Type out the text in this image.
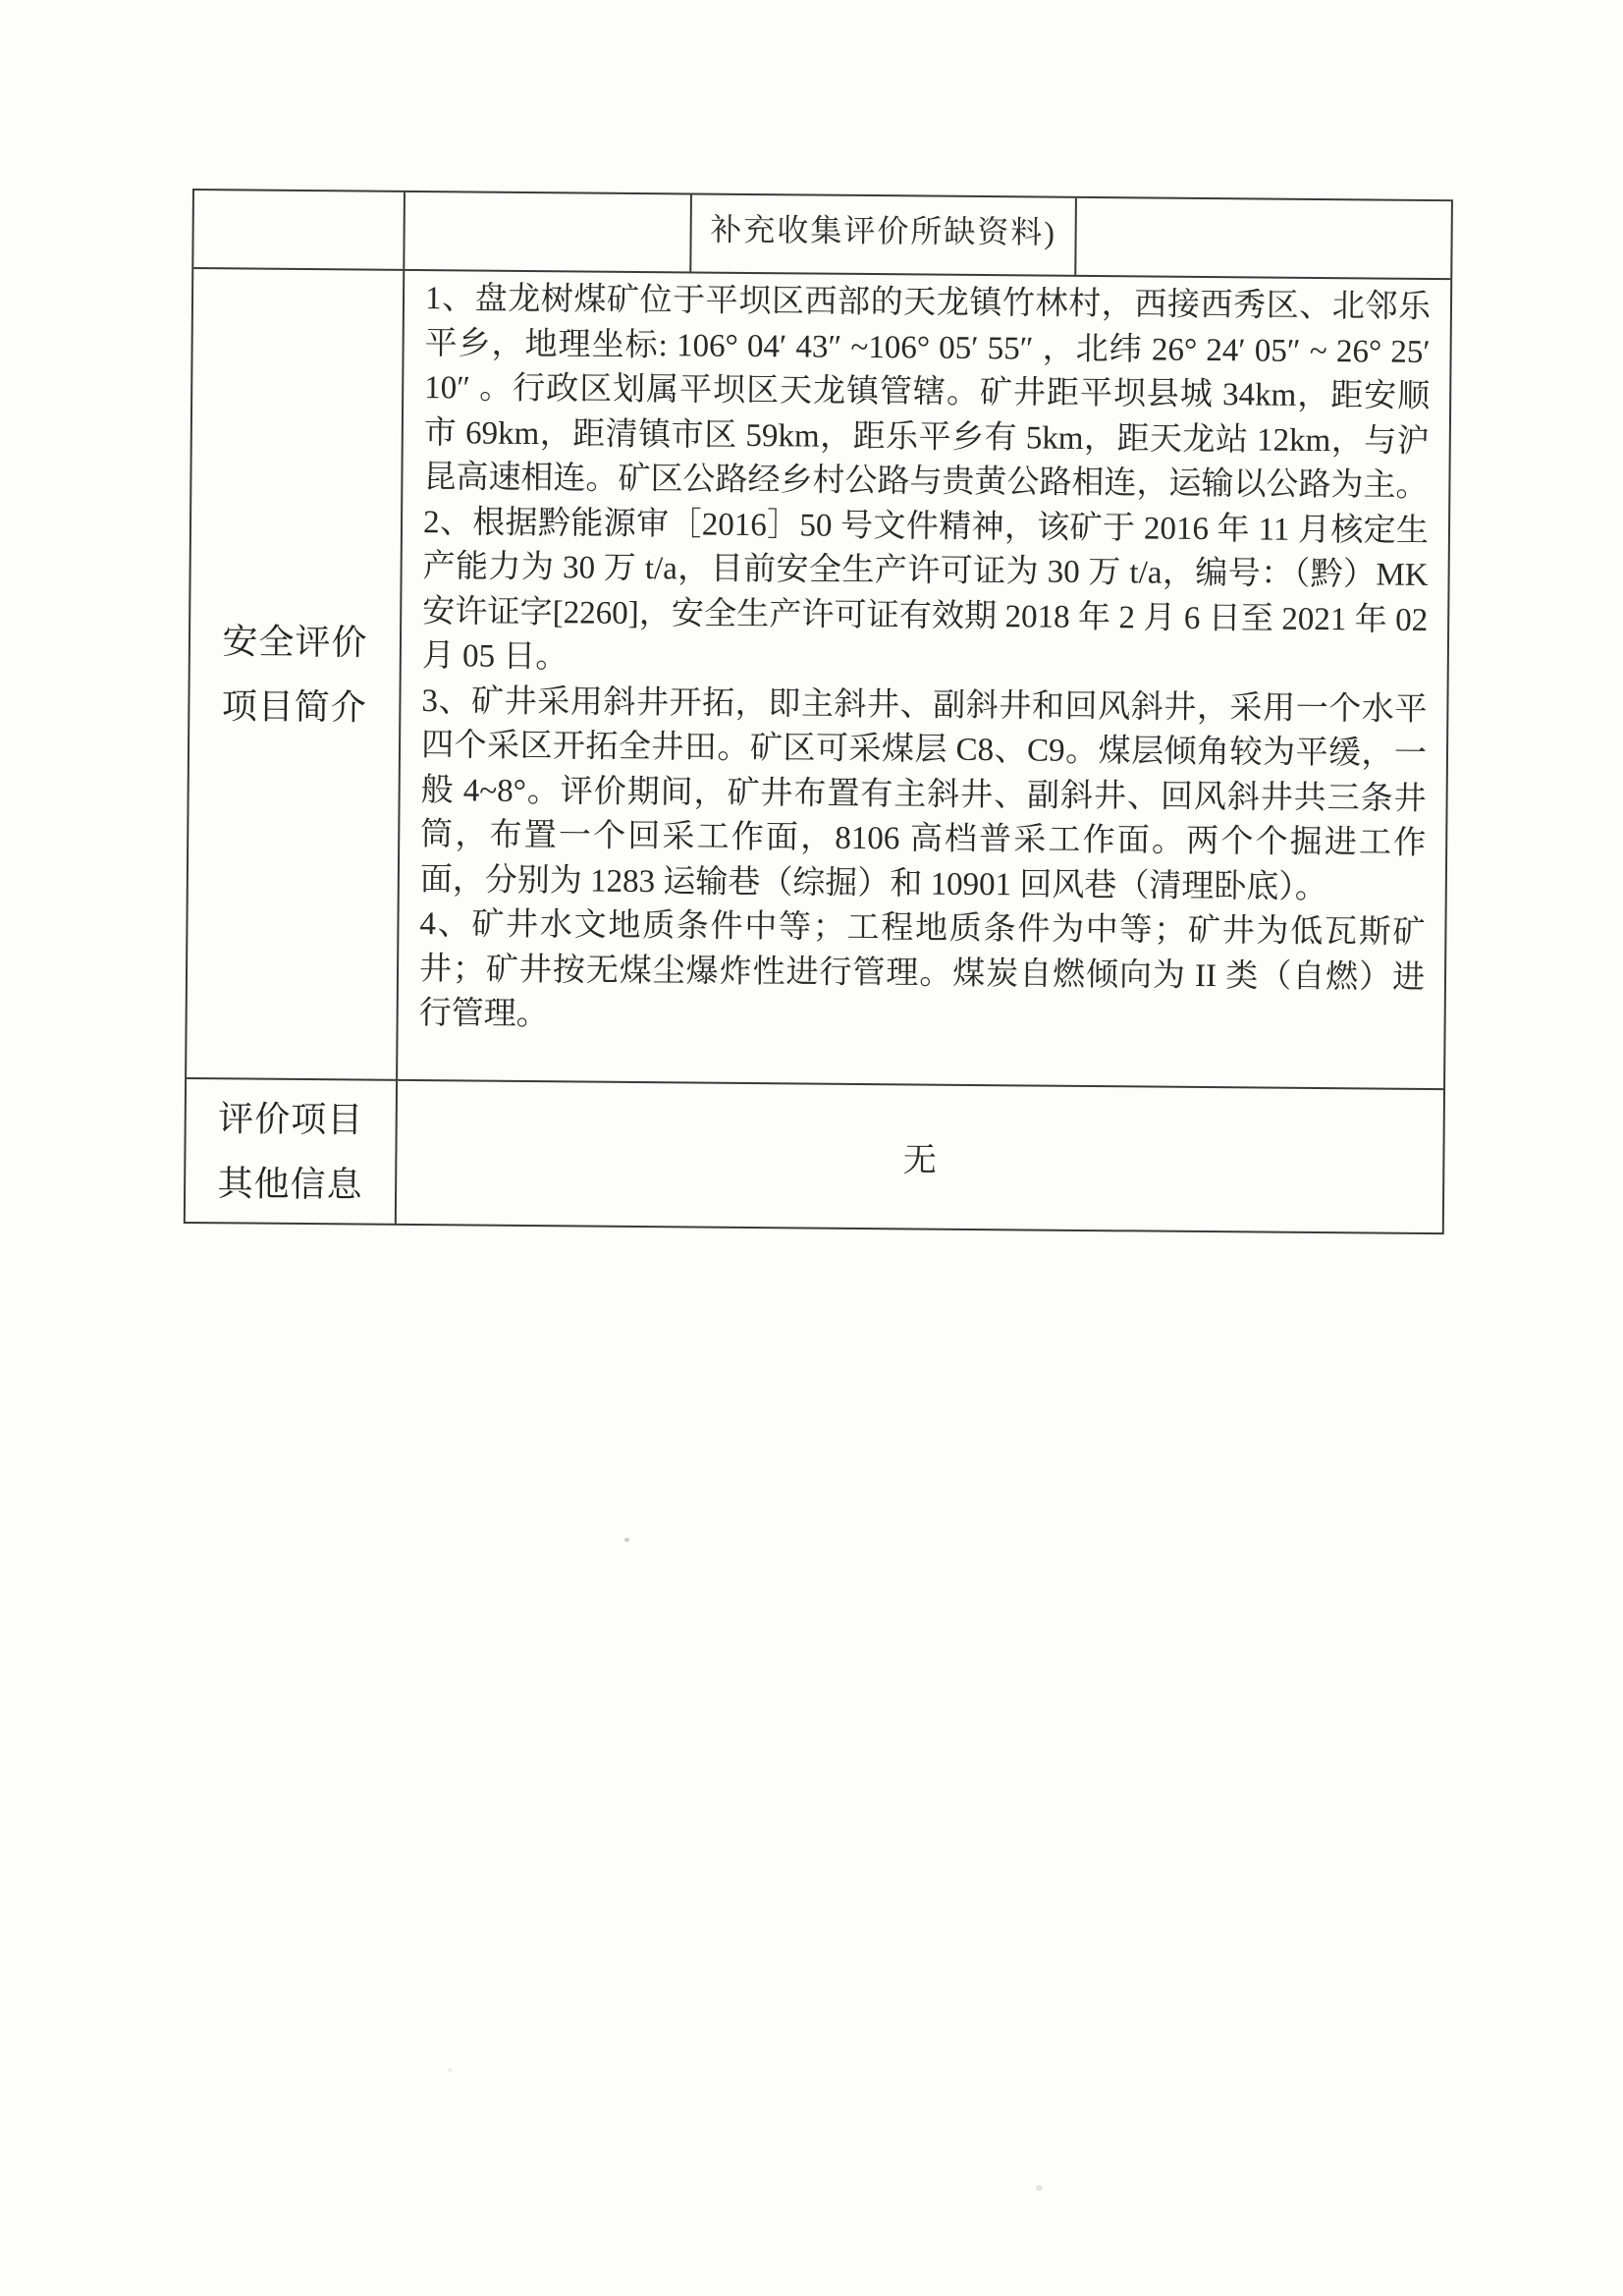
补充收集评价所缺资料)
安全评价
项目简介

1、盘龙树煤矿位于平坝区西部的天龙镇竹林村，西接西秀区、北邻乐平乡，地理坐标: 106° 04′ 43″ ~106° 05′ 55″ ，北纬 26° 24′ 05″ ~ 26° 25′ 10″ 。行政区划属平坝区天龙镇管辖。矿井距平坝县城 34km，距安顺市 69km，距清镇市区 59km，距乐平乡有 5km，距天龙站 12km，与沪昆高速相连。矿区公路经乡村公路与贵黄公路相连，运输以公路为主。

2、根据黔能源审［2016］50 号文件精神，该矿于 2016 年 11 月核定生产能力为 30 万 t/a，目前安全生产许可证为 30 万 t/a，编号：（黔）MK 安许证字[2260]，安全生产许可证有效期 2018 年 2 月 6 日至 2021 年 02 月 05 日。

3、矿井采用斜井开拓，即主斜井、副斜井和回风斜井，采用一个水平四个采区开拓全井田。矿区可采煤层 C8、C9。煤层倾角较为平缓，一般 4~8°。评价期间，矿井布置有主斜井、副斜井、回风斜井共三条井筒，布置一个回采工作面，8106 高档普采工作面。两个个掘进工作面，分别为 1283 运输巷（综掘）和 10901 回风巷（清理卧底）。

4、矿井水文地质条件中等；工程地质条件为中等；矿井为低瓦斯矿井；矿井按无煤尘爆炸性进行管理。煤炭自燃倾向为 II 类（自燃）进行管理。

评价项目
其他信息
无
